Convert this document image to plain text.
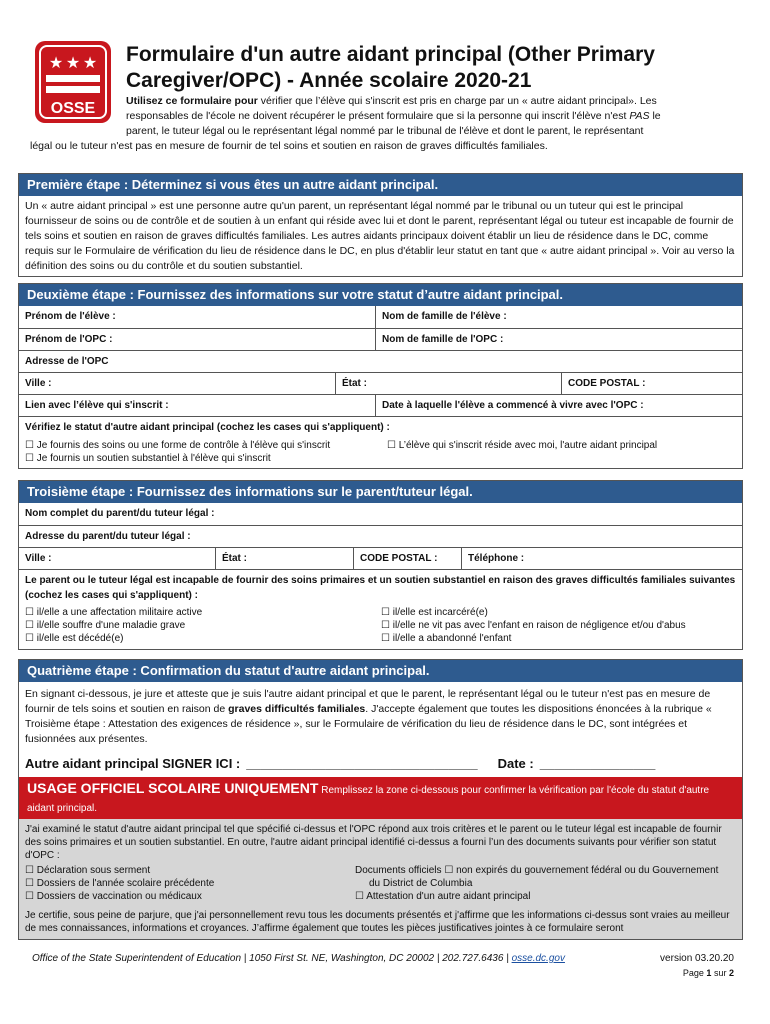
★ ★ ★
OSSE
Formulaire d'un autre aidant principal (Other Primary
Caregiver/OPC) - Année scolaire 2020-21
Utilisez ce formulaire pour vérifier que l’élève qui s'inscrit est pris en charge par un « autre aidant principal». Les
responsables de l'école ne doivent récupérer le présent formulaire que si la personne qui inscrit l'élève n'est PAS le
parent, le tuteur légal ou le représentant légal nommé par le tribunal de l'élève et dont le parent, le représentant
légal ou le tuteur n'est pas en mesure de fournir de tel soins et soutien en raison de graves difficultés familiales.
Première étape : Déterminez si vous êtes un autre aidant principal.
Un « autre aidant principal » est une personne autre qu'un parent, un représentant légal nommé par le tribunal ou un tuteur qui est le principal fournisseur de soins ou de contrôle et de soutien à un enfant qui réside avec lui et dont le parent, représentant légal ou tuteur est incapable de fournir de tels soins et soutien en raison de graves difficultés familiales. Les autres aidants principaux doivent établir un lieu de résidence dans le DC, comme requis sur le Formulaire de vérification du lieu de résidence dans le DC, en plus d'établir leur statut en tant que « autre aidant principal ». Voir au verso la définition des soins ou du contrôle et du soutien substantiel.
Deuxième étape : Fournissez des informations sur votre statut d’autre aidant principal.
Prénom de l'élève :	Nom de famille de l'élève :
Prénom de l'OPC :	Nom de famille de l'OPC :
Adresse de l'OPC
Ville :	État :	CODE POSTAL :
Lien avec l’élève qui s'inscrit :	Date à laquelle l'élève a commencé à vivre avec l'OPC :
Vérifiez le statut d'autre aidant principal (cochez les cases qui s'appliquent) :
☐ Je fournis des soins ou une forme de contrôle à l'élève qui s'inscrit
☐ Je fournis un soutien substantiel à l'élève qui s'inscrit
☐ L’élève qui s'inscrit réside avec moi, l'autre aidant principal
Troisième étape : Fournissez des informations sur le parent/tuteur légal.
Nom complet du parent/du tuteur légal :
Adresse du parent/du tuteur légal :
Ville :	État :	CODE POSTAL :	Téléphone :
Le parent ou le tuteur légal est incapable de fournir des soins primaires et un soutien substantiel en raison des graves difficultés familiales suivantes (cochez les cases qui s'appliquent) :
☐ il/elle a une affectation militaire active
☐ il/elle souffre d'une maladie grave
☐ il/elle est décédé(e)
☐ il/elle est incarcéré(e)
☐ il/elle ne vit pas avec l'enfant en raison de négligence et/ou d'abus
☐ il/elle a abandonné l'enfant
Quatrième étape : Confirmation du statut d'autre aidant principal.
En signant ci-dessous, je jure et atteste que je suis l'autre aidant principal et que le parent, le représentant légal ou le tuteur n'est pas en mesure de fournir de tels soins et soutien en raison de graves difficultés familiales. J'accepte également que toutes les dispositions énoncées à la rubrique « Troisième étape : Attestation des exigences de résidence », sur le Formulaire de vérification du lieu de résidence dans le DC, sont intégrées et fusionnées aux présentes.
Autre aidant principal SIGNER ICI : ________________________________ Date : ________________
USAGE OFFICIEL SCOLAIRE UNIQUEMENT Remplissez la zone ci-dessous pour confirmer la vérification par l'école du statut d'autre aidant principal.
J'ai examiné le statut d'autre aidant principal tel que spécifié ci-dessus et l'OPC répond aux trois critères et le parent ou le tuteur légal est incapable de fournir des soins primaires et un soutien substantiel. En outre, l'autre aidant principal identifié ci-dessus a fourni l’un des documents suivants pour vérifier son statut d'OPC :
☐ Déclaration sous serment
☐ Dossiers de l'année scolaire précédente
☐ Dossiers de vaccination ou médicaux
Documents officiels ☐ non expirés du gouvernement fédéral ou du Gouvernement
du District de Columbia
☐ Attestation d'un autre aidant principal
Je certifie, sous peine de parjure, que j'ai personnellement revu tous les documents présentés et j'affirme que les informations ci-dessus sont vraies au meilleur de mes connaissances, informations et croyances. J’affirme également que toutes les pièces justificatives jointes à ce formulaire seront
Office of the State Superintendent of Education | 1050 First St. NE, Washington, DC 20002 | 202.727.6436 | osse.dc.gov	version 03.20.20
Page 1 sur 2
